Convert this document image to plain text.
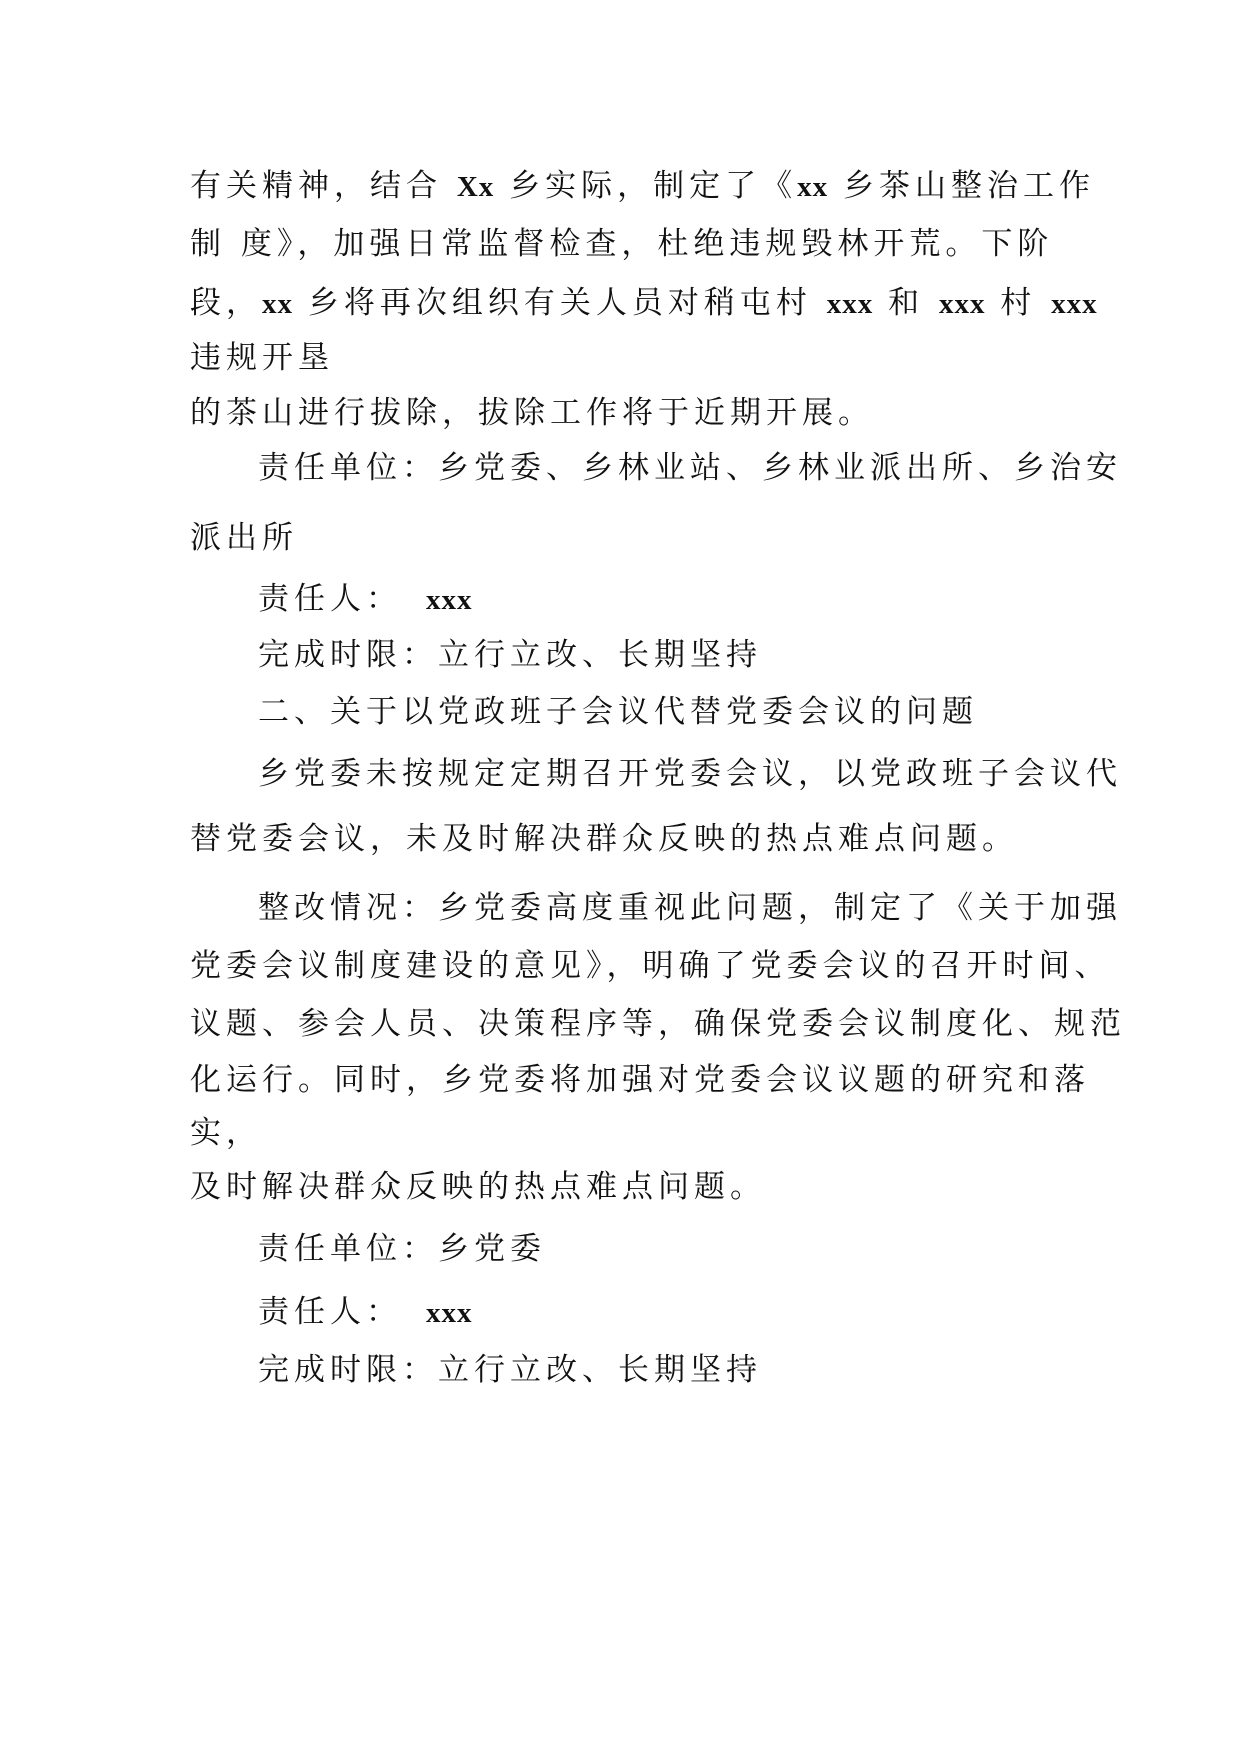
有关精神，结合 Xx 乡实际，制定了《xx 乡茶山整治工作

制 度》，加强日常监督检查，杜绝违规毁林开荒。下阶

段，xx 乡将再次组织有关人员对稍屯村 xxx 和 xxx 村 xxx

违规开垦

的茶山进行拔除，拔除工作将于近期开展。

责任单位：乡党委、乡林业站、乡林业派出所、乡治安

派出所

责任人： xxx

完成时限：立行立改、长期坚持

二、关于以党政班子会议代替党委会议的问题

乡党委未按规定定期召开党委会议，以党政班子会议代

替党委会议，未及时解决群众反映的热点难点问题。

整改情况：乡党委高度重视此问题，制定了《关于加强

党委会议制度建设的意见》，明确了党委会议的召开时间、

议题、参会人员、决策程序等，确保党委会议制度化、规范

化运行。同时，乡党委将加强对党委会议议题的研究和落

实，

及时解决群众反映的热点难点问题。

责任单位：乡党委

责任人： xxx

完成时限：立行立改、长期坚持
